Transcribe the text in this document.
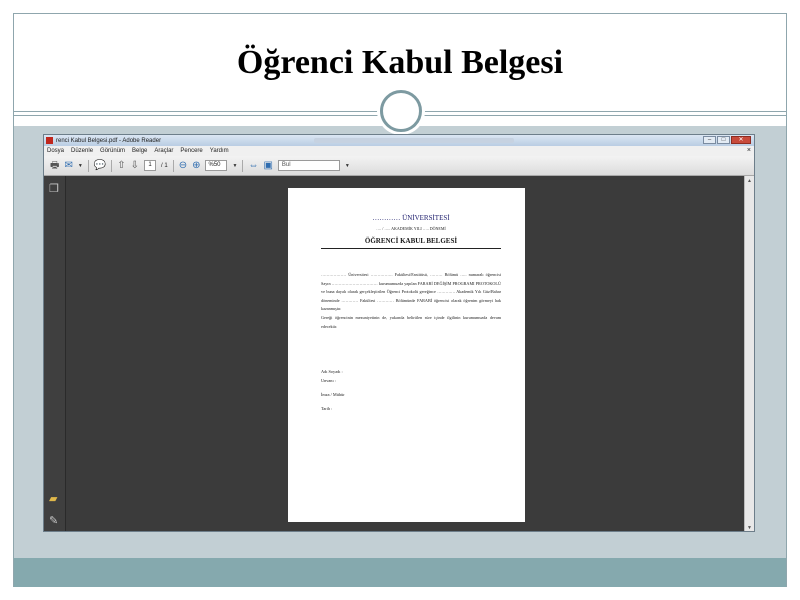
Öğrenci Kabul Belgesi
renci Kabul Belgesi.pdf - Adobe Reader	–	□	✕
Dosya Düzenle Görünüm Belge Araçlar Pencere Yardım	×
🖶 ✉ ▼ 💬 ⇧ ⇩	1	/ 1 ⊖ ⊕	%50	▼ ⇔ ▣	Bul	▼
❐
▰
✎
▲
▼
………… ÜNİVERSİTESİ
…. / ….. AKADEMİK YILI ….. DÖNEMİ
ÖĞRENCİ KABUL BELGESİ

……………… Üniversitesi ……………. Fakültesi/Enstitüsü, ……… Bölümü ….. numaralı öğrencisi Sayın …………………………… kurumumuzda yapılan FARABİ DEĞİŞİM PROGRAMI PROTOKOLÜ ve buna dayalı olarak gerçekleştirilen Öğrenci Protokolü gereğince …………. Akademik Yılı Güz/Bahar döneminde ………… Fakültesi ………… Bölümünde FARABİ öğrencisi olarak öğrenim görmeyi hak kazanmıştır.

Gereği öğrencinin mezuniyetinin de, yukarıda belirtilen süre içinde ilgilinin kurumumuzda devam edecektir.

Adı Soyadı :
Unvanı :
İmza / Mühür
Tarih :
